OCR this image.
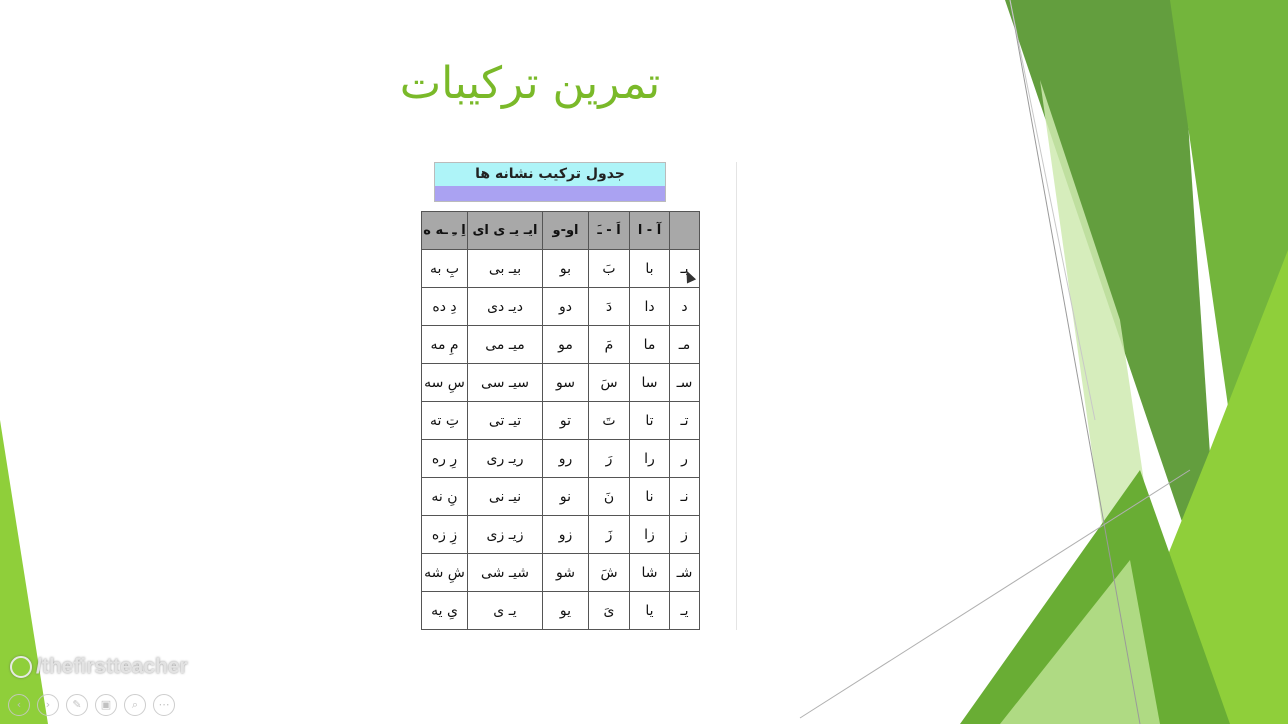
تمرین ترکیبات
جدول ترکیب نشانه ها
	آ - ا	اَ - ـَ	او-و	ایـ یـ ی ای	اِ ـِ ـه ه
بـ	با	بَ	بو	بیـ بی	بِ به
د	دا	دَ	دو	دیـ دی	دِ ده
مـ	ما	مَ	مو	میـ می	مِ مه
سـ	سا	سَ	سو	سیـ سی	سِ سه
تـ	تا	تَ	تو	تیـ تی	تِ ته
ر	را	رَ	رو	ریـ ری	رِ ره
نـ	نا	نَ	نو	نیـ نی	نِ نه
ز	زا	زَ	زو	زیـ زی	زِ زه
شـ	شا	شَ	شو	شیـ شی	شِ شه
یـ	یا	یَ	یو	یـ ی	یِ یه
/thefirstteacher
‹	›	✎	▣	⌕	⋯
